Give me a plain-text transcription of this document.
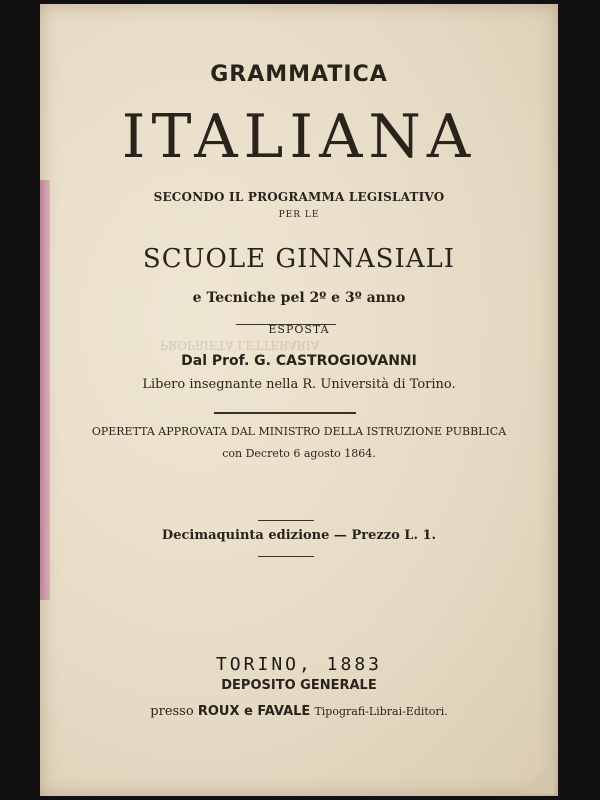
PROPRIETÀ LETTERARIA
GRAMMATICA
ITALIANA
SECONDO IL PROGRAMMA LEGISLATIVO
PER LE
SCUOLE GINNASIALI
e Tecniche pel 2º e 3º anno
ESPOSTA
Dal Prof. G. CASTROGIOVANNI
Libero insegnante nella R. Università di Torino.
OPERETTA APPROVATA DAL MINISTRO DELLA ISTRUZIONE PUBBLICA
con Decreto 6 agosto 1864.
Decimaquinta edizione — Prezzo L. 1.
TORINO, 1883
DEPOSITO GENERALE
presso ROUX e FAVALE Tipografi-Librai-Editori.
